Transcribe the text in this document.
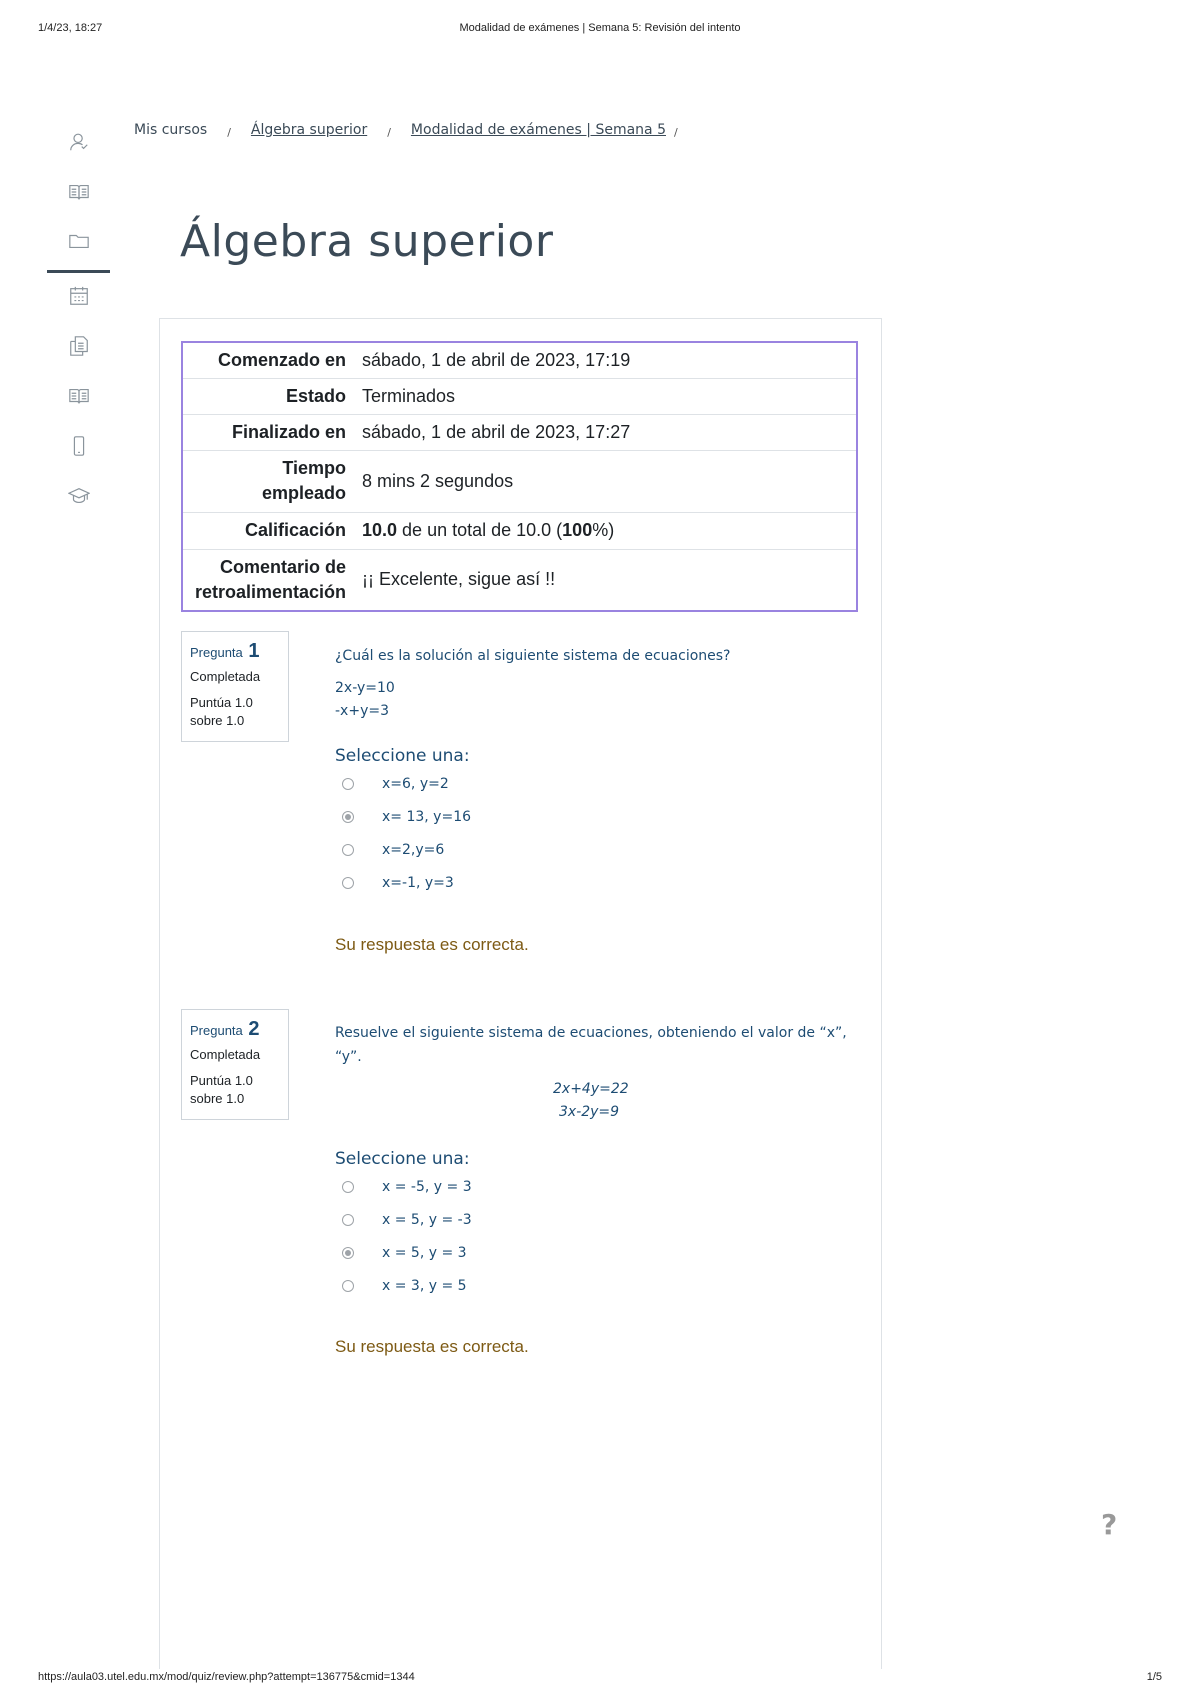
1/4/23, 18:27	Modalidad de exámenes | Semana 5: Revisión del intento
https://aula03.utel.edu.mx/mod/quiz/review.php?attempt=136775&cmid=1344	1/5
Mis cursos / Álgebra superior / Modalidad de exámenes | Semana 5 /
Álgebra superior
Comenzado en	sábado, 1 de abril de 2023, 17:19
Estado	Terminados
Finalizado en	sábado, 1 de abril de 2023, 17:27
Tiempo
empleado	8 mins 2 segundos
Calificación	10.0 de un total de 10.0 (100%)
Comentario de
retroalimentación	¡¡ Excelente, sigue así !!
Pregunta 1
Completada
Puntúa 1.0
sobre 1.0
¿Cuál es la solución al siguiente sistema de ecuaciones?
2x-y=10
-x+y=3
Seleccione una:
x=6, y=2
x= 13, y=16
x=2,y=6
x=-1, y=3
Su respuesta es correcta.
Pregunta 2
Completada
Puntúa 1.0
sobre 1.0
Resuelve el siguiente sistema de ecuaciones, obteniendo el valor de “x”,
“y”.
2x+4y=22
3x-2y=9
Seleccione una:
x = -5, y = 3
x = 5, y = -3
x = 5, y = 3
x = 3, y = 5
Su respuesta es correcta.
?
